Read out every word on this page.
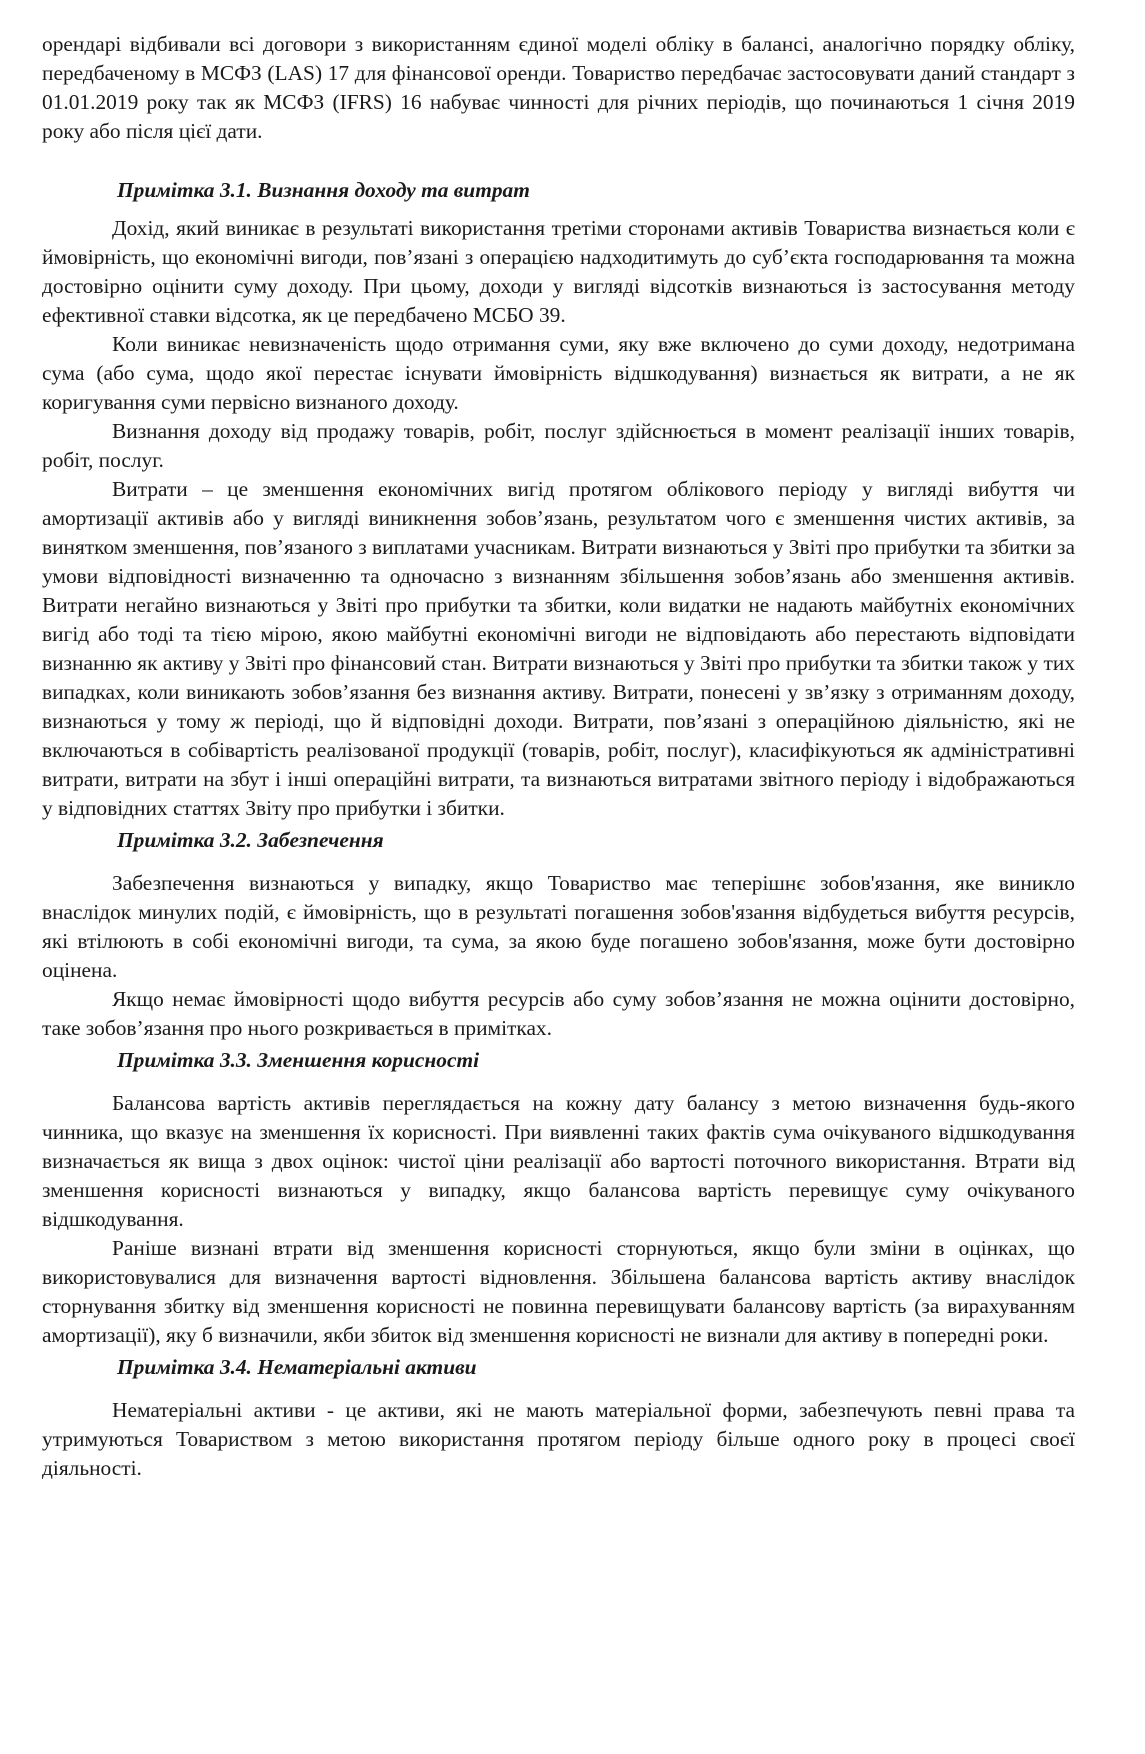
орендарі відбивали всі договори з використанням єдиної моделі обліку в балансі, аналогічно порядку обліку, передбаченому в МСФЗ (LAS) 17 для фінансової оренди. Товариство передбачає застосовувати даний стандарт з 01.01.2019 року так як МСФЗ (IFRS) 16 набуває чинності для річних періодів, що починаються 1 січня 2019 року або після цієї дати.

Примітка 3.1. Визнання доходу та витрат

Дохід, який виникає в результаті використання третіми сторонами активів Товариства визнається коли є ймовірність, що економічні вигоди, пов’язані з операцією надходитимуть до суб’єкта господарювання та можна достовірно оцінити суму доходу. При цьому, доходи у вигляді відсотків визнаються із застосування методу ефективної ставки відсотка, як це передбачено МСБО 39.

Коли виникає невизначеність щодо отримання суми, яку вже включено до суми доходу, недотримана сума (або сума, щодо якої перестає існувати ймовірність відшкодування) визнається як витрати, а не як коригування суми первісно визнаного доходу.

Визнання доходу від продажу товарів, робіт, послуг здійснюється в момент реалізації інших товарів, робіт, послуг.

Витрати – це зменшення економічних вигід протягом облікового періоду у вигляді вибуття чи амортизації активів або у вигляді виникнення зобов’язань, результатом чого є зменшення чистих активів, за винятком зменшення, пов’язаного з виплатами учасникам. Витрати визнаються у Звіті про прибутки та збитки за умови відповідності визначенню та одночасно з визнанням збільшення зобов’язань або зменшення активів. Витрати негайно визнаються у Звіті про прибутки та збитки, коли видатки не надають майбутніх економічних вигід або тоді та тією мірою, якою майбутні економічні вигоди не відповідають або перестають відповідати визнанню як активу у Звіті про фінансовий стан. Витрати визнаються у Звіті про прибутки та збитки також у тих випадках, коли виникають зобов’язання без визнання активу. Витрати, понесені у зв’язку з отриманням доходу, визнаються у тому ж періоді, що й відповідні доходи. Витрати, пов’язані з операційною діяльністю, які не включаються в собівартість реалізованої продукції (товарів, робіт, послуг), класифікуються як адміністративні витрати, витрати на збут і інші операційні витрати, та визнаються витратами звітного періоду і відображаються у відповідних статтях Звіту про прибутки і збитки.

Примітка 3.2. Забезпечення

Забезпечення визнаються у випадку, якщо Товариство має теперішнє зобов'язання, яке виникло внаслідок минулих подій, є ймовірність, що в результаті погашення зобов'язання відбудеться вибуття ресурсів, які втілюють в собі економічні вигоди, та сума, за якою буде погашено зобов'язання, може бути достовірно оцінена.

Якщо немає ймовірності щодо вибуття ресурсів або суму зобов’язання не можна оцінити достовірно, таке зобов’язання про нього розкривається в примітках.

Примітка 3.3. Зменшення корисності

Балансова вартість активів переглядається на кожну дату балансу з метою визначення будь-якого чинника, що вказує на зменшення їх корисності. При виявленні таких фактів сума очікуваного відшкодування визначається як вища з двох оцінок: чистої ціни реалізації або вартості поточного використання. Втрати від зменшення корисності визнаються у випадку, якщо балансова вартість перевищує суму очікуваного відшкодування.

Раніше визнані втрати від зменшення корисності сторнуються, якщо були зміни в оцінках, що використовувалися для визначення вартості відновлення. Збільшена балансова вартість активу внаслідок сторнування збитку від зменшення корисності не повинна перевищувати балансову вартість (за вирахуванням амортизації), яку б визначили, якби збиток від зменшення корисності не визнали для активу в попередні роки.

Примітка 3.4. Нематеріальні активи

Нематеріальні активи - це активи, які не мають матеріальної форми, забезпечують певні права та утримуються Товариством з метою використання протягом періоду більше одного року в процесі своєї діяльності.
